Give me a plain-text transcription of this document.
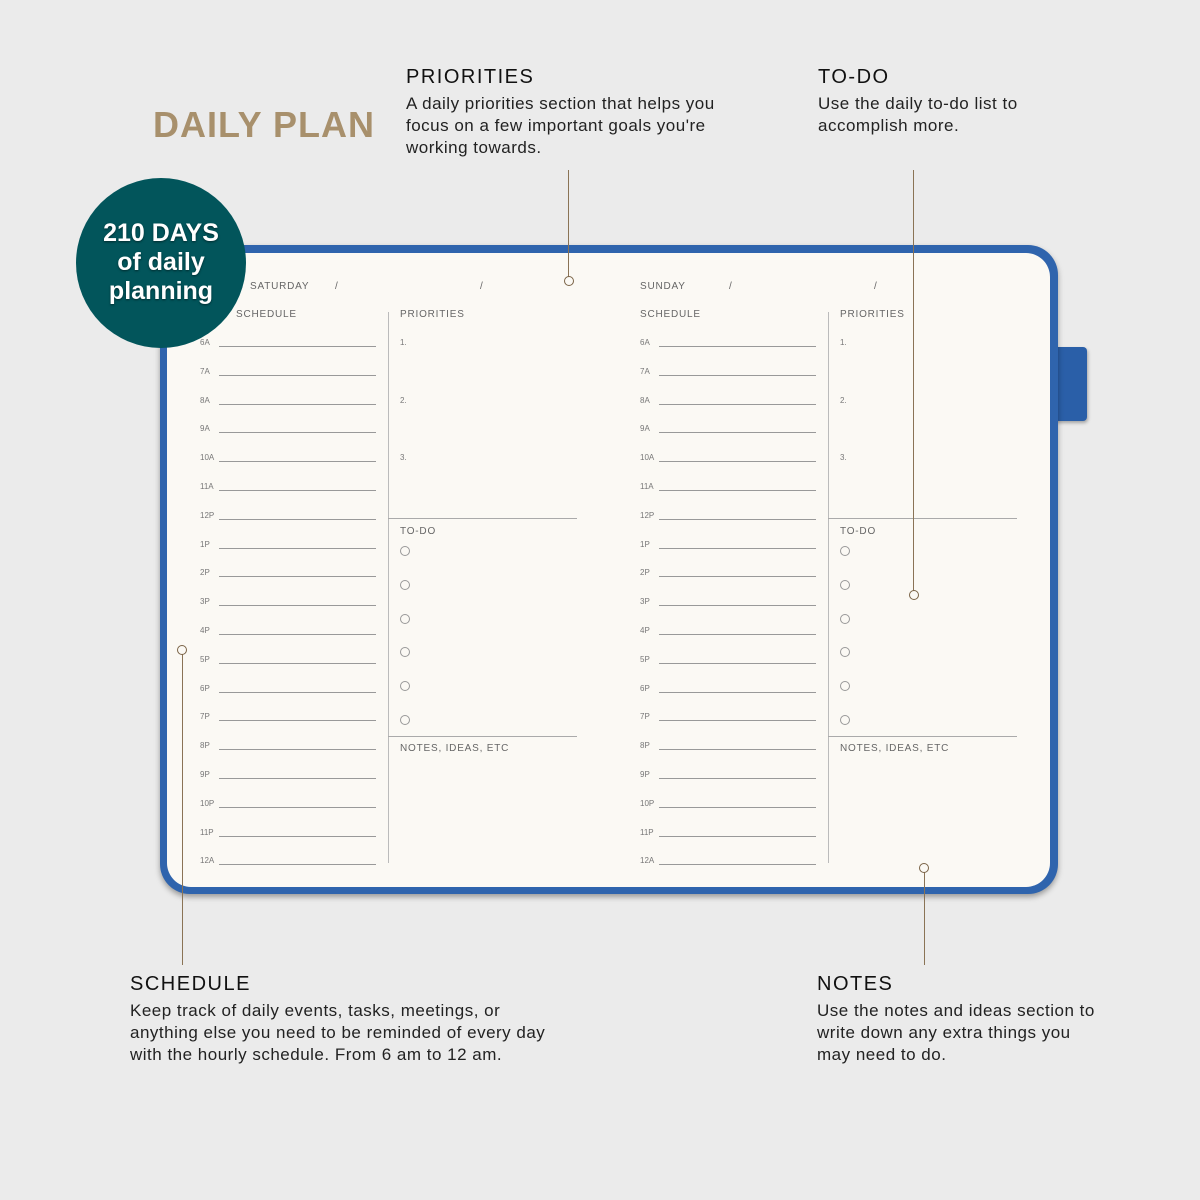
DAILY PLAN
PRIORITIES

A daily priorities section that helps you focus on a few important goals you're working towards.

TO-DO

Use the daily to-do list to accomplish more.

SCHEDULE

Keep track of daily events, tasks, meetings, or anything else you need to be reminded of every day with the hourly schedule. From 6 am to 12 am.

NOTES

Use the notes and ideas section to write down any extra things you may need to do.

SATURDAY	/      /
SCHEDULE	PRIORITIES
6A
7A
8A
9A
10A
11A
12P
1P
2P
3P
4P
5P
6P
7P
8P
9P
10P
11P
12A
1.
2.
3.
TO-DO
NOTES, IDEAS, ETC
SUNDAY	/      /
SCHEDULE	PRIORITIES
6A
7A
8A
9A
10A
11A
12P
1P
2P
3P
4P
5P
6P
7P
8P
9P
10P
11P
12A
1.
2.
3.
TO-DO
NOTES, IDEAS, ETC
210 DAYS
of daily
planning
